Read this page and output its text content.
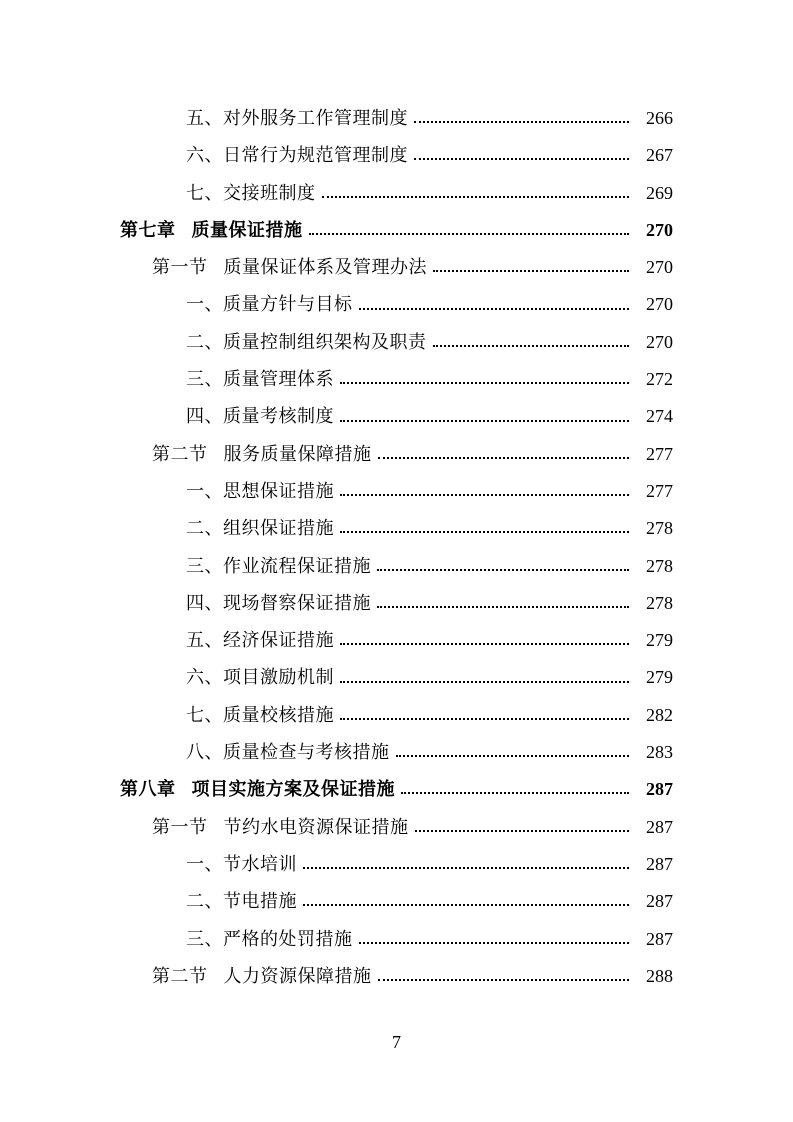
五、对外服务工作管理制度	266
六、日常行为规范管理制度	267
七、交接班制度	269
第七章 质量保证措施	270
第一节 质量保证体系及管理办法	270
一、质量方针与目标	270
二、质量控制组织架构及职责	270
三、质量管理体系	272
四、质量考核制度	274
第二节 服务质量保障措施	277
一、思想保证措施	277
二、组织保证措施	278
三、作业流程保证措施	278
四、现场督察保证措施	278
五、经济保证措施	279
六、项目激励机制	279
七、质量校核措施	282
八、质量检查与考核措施	283
第八章 项目实施方案及保证措施	287
第一节 节约水电资源保证措施	287
一、节水培训	287
二、节电措施	287
三、严格的处罚措施	287
第二节 人力资源保障措施	288
7
